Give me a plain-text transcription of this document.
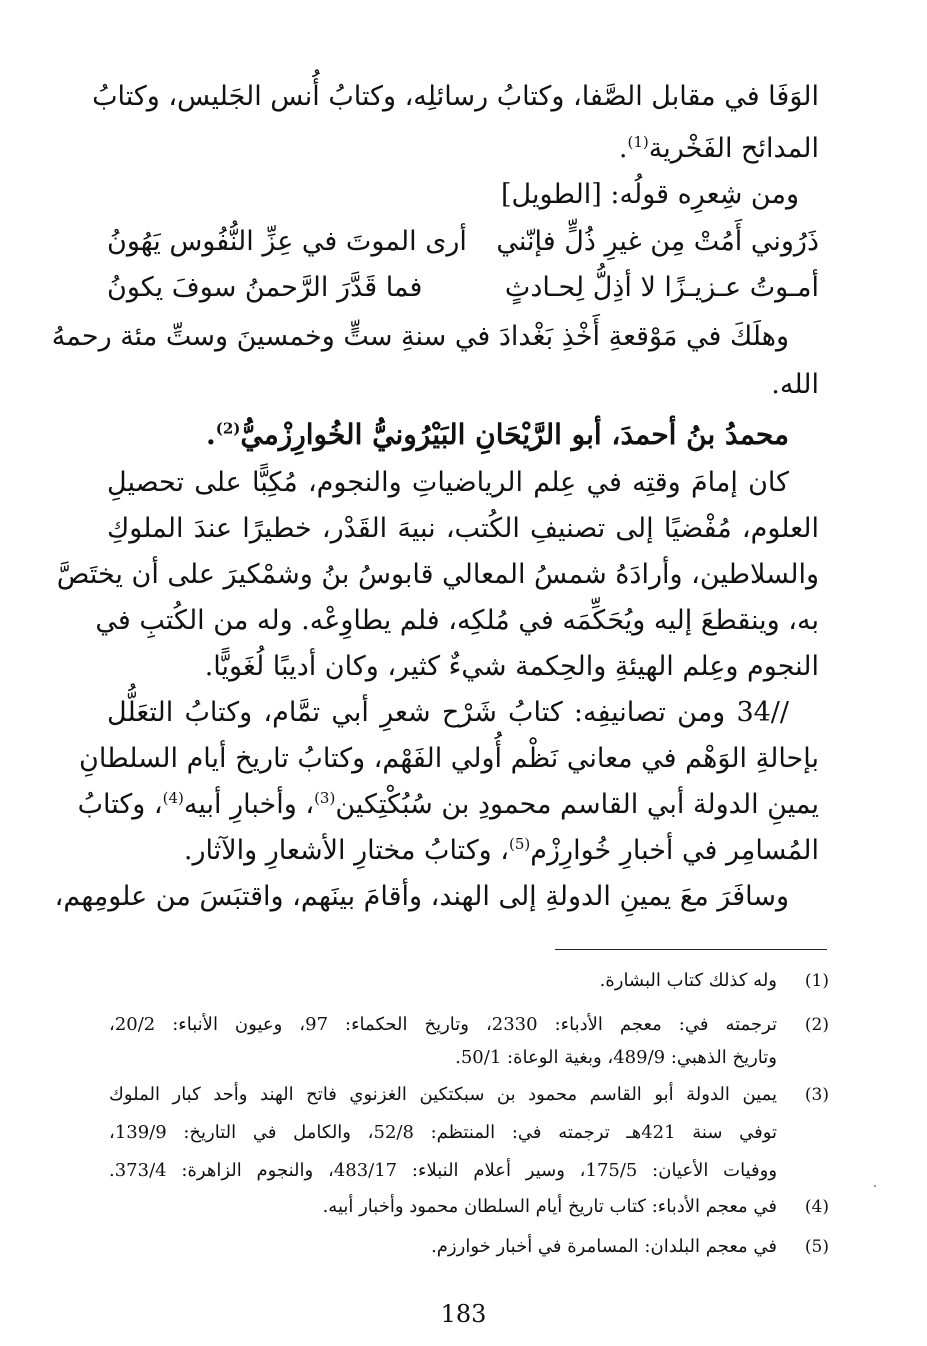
الوَفَا في مقابل الصَّفا، وكتابُ رسائلِه، وكتابُ أُنس الجَليس، وكتابُ
المدائح الفَخْرية$^{(1)}$.
ومن شِعرِه قولُه: [الطويل]
ذَرُوني أَمُتْ مِن غيرِ ذُلٍّ فإنّني
أرى الموتَ في عِزِّ النُّفُوس يَهُونُ
أمـوتُ عـزيـزًا لا أذِلُّ لِحـادثٍ
فما قَدَّرَ الرَّحمنُ سوفَ يكونُ
وهلَكَ في مَوْقعةِ أَخْذِ بَغْدادَ في سنةِ ستٍّ وخمسينَ وستِّ مئة رحمهُ
الله.
محمدُ بنُ أحمدَ، أبو الرَّيْحَانِ البَيْرُونيُّ الخُوارِزْميُّ$^{(2)}$.
كان إمامَ وقتِه في عِلم الرياضياتِ والنجوم، مُكِبًّا على تحصيلِ
العلوم، مُفْضيًا إلى تصنيفِ الكُتب، نبيهَ القَدْر، خطيرًا عندَ الملوكِ
والسلاطين، وأرادَهُ شمسُ المعالي قابوسُ بنُ وشمْكيرَ على أن يختَصَّ
به، وينقطعَ إليه ويُحَكِّمَه في مُلكِه، فلم يطاوِعْه. وله من الكُتبِ في
النجوم وعِلم الهيئةِ والحِكمة شيءٌ كثير، وكان أديبًا لُغَويًّا.
//34 ومن تصانيفِه: كتابُ شَرْح شعرِ أبي تمَّام، وكتابُ التعَلُّل
بإحالةِ الوَهْم في معاني نَظْم أُولي الفَهْم، وكتابُ تاريخ أيام السلطانِ
يمينِ الدولة أبي القاسم محمودِ بن سُبُكْتِكين$^{(3)}$، وأخبارِ أبيه$^{(4)}$، وكتابُ
المُسامِر في أخبارِ خُوارِزْم$^{(5)}$، وكتابُ مختارِ الأشعارِ والآثار.
وسافَرَ معَ يمينِ الدولةِ إلى الهند، وأقامَ بينَهم، واقتبَسَ من علومِهم،
(1)
وله كذلك كتاب البشارة.
(2)
ترجمته في: معجم الأدباء: 2330، وتاريخ الحكماء: 97، وعيون الأنباء: 20/2،
وتاريخ الذهبي: 489/9، وبغية الوعاة: 50/1.
(3)
يمين الدولة أبو القاسم محمود بن سبكتكين الغزنوي فاتح الهند وأحد كبار الملوك
توفي سنة 421هـ ترجمته في: المنتظم: 52/8، والكامل في التاريخ: 139/9،
ووفيات الأعيان: 175/5، وسير أعلام النبلاء: 483/17، والنجوم الزاهرة: 373/4.
(4)
في معجم الأدباء: كتاب تاريخ أيام السلطان محمود وأخبار أبيه.
(5)
في معجم البلدان: المسامرة في أخبار خوارزم.
183
